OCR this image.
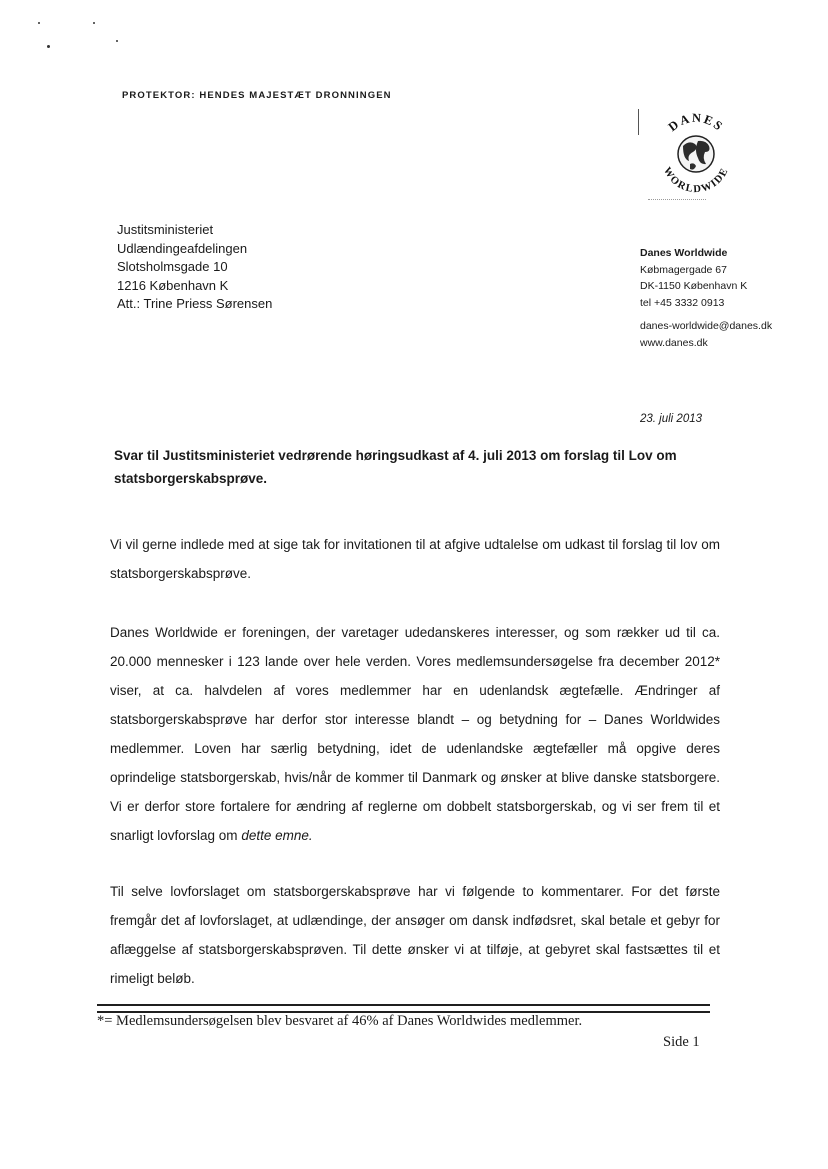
PROTEKTOR: HENDES MAJESTÆT DRONNINGEN
DANES
WORLDWIDE
Justitsministeriet
Udlændingeafdelingen
Slotsholmsgade 10
1216 København K
Att.: Trine Priess Sørensen
Danes Worldwide
Købmagergade 67
DK-1150 København K
tel +45 3332 0913
danes-worldwide@danes.dk
www.danes.dk
23. juli 2013
Svar til Justitsministeriet vedrørende høringsudkast af 4. juli 2013 om forslag til Lov om statsborgerskabsprøve.
Vi vil gerne indlede med at sige tak for invitationen til at afgive udtalelse om udkast til forslag til lov om statsborgerskabsprøve.
Danes Worldwide er foreningen, der varetager udedanskeres interesser, og som rækker ud til ca. 20.000 mennesker i 123 lande over hele verden. Vores medlemsundersøgelse fra december 2012* viser, at ca. halvdelen af vores medlemmer har en udenlandsk ægtefælle. Ændringer af statsborgerskabsprøve har derfor stor interesse blandt – og betydning for – Danes Worldwides medlemmer. Loven har særlig betydning, idet de udenlandske ægtefæller må opgive deres oprindelige statsborgerskab, hvis/når de kommer til Danmark og ønsker at blive danske statsborgere. Vi er derfor store fortalere for ændring af reglerne om dobbelt statsborgerskab, og vi ser frem til et snarligt lovforslag om dette emne.
Til selve lovforslaget om statsborgerskabsprøve har vi følgende to kommentarer. For det første fremgår det af lovforslaget, at udlændinge, der ansøger om dansk indfødsret, skal betale et gebyr for aflæggelse af statsborgerskabsprøven. Til dette ønsker vi at tilføje, at gebyret skal fastsættes til et rimeligt beløb.
*= Medlemsundersøgelsen blev besvaret af 46% af Danes Worldwides medlemmer.
Side 1
